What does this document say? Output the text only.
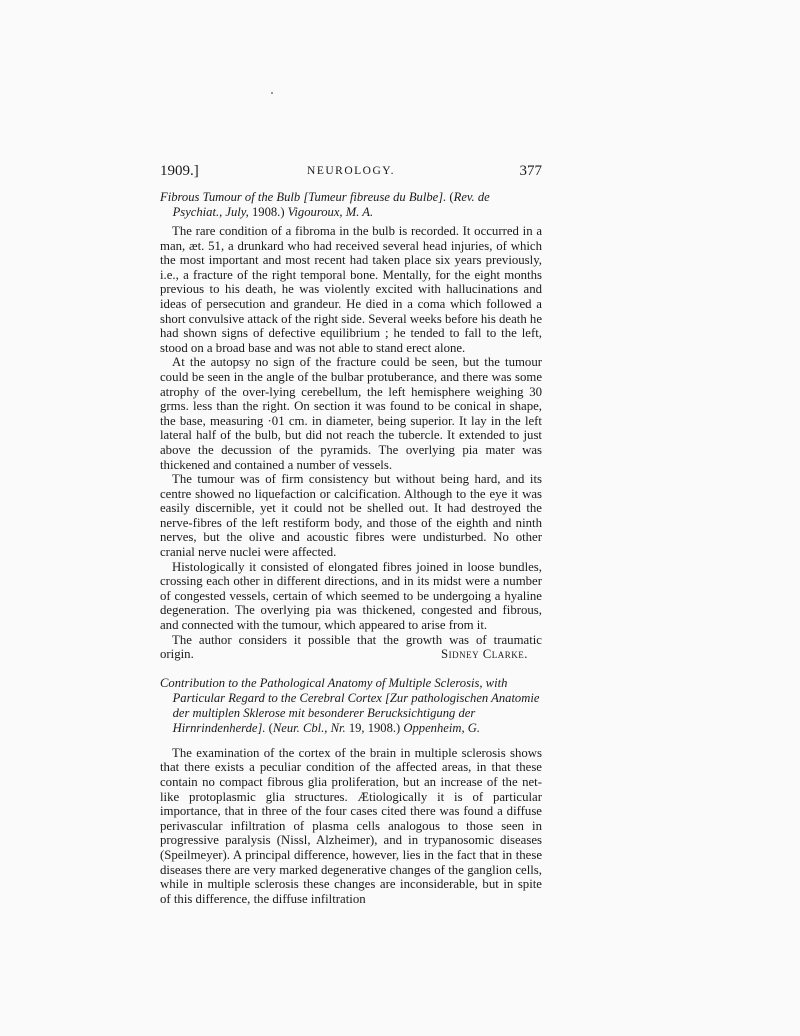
1909.]	NEUROLOGY.	377
Fibrous Tumour of the Bulb [Tumeur fibreuse du Bulbe]. (Rev. de Psychiat., July, 1908.) Vigouroux, M. A.

The rare condition of a fibroma in the bulb is recorded. It occurred in a man, æt. 51, a drunkard who had received several head injuries, of which the most important and most recent had taken place six years previously, i.e., a fracture of the right temporal bone. Mentally, for the eight months previous to his death, he was violently excited with hallucinations and ideas of persecution and grandeur. He died in a coma which followed a short convulsive attack of the right side. Several weeks before his death he had shown signs of defective equilibrium ; he tended to fall to the left, stood on a broad base and was not able to stand erect alone.

At the autopsy no sign of the fracture could be seen, but the tumour could be seen in the angle of the bulbar protuberance, and there was some atrophy of the over-lying cerebellum, the left hemisphere weighing 30 grms. less than the right. On section it was found to be conical in shape, the base, measuring ·01 cm. in diameter, being superior. It lay in the left lateral half of the bulb, but did not reach the tubercle. It extended to just above the decussion of the pyramids. The overlying pia mater was thickened and contained a number of vessels.

The tumour was of firm consistency but without being hard, and its centre showed no liquefaction or calcification. Although to the eye it was easily discernible, yet it could not be shelled out. It had destroyed the nerve-fibres of the left restiform body, and those of the eighth and ninth nerves, but the olive and acoustic fibres were undisturbed. No other cranial nerve nuclei were affected.

Histologically it consisted of elongated fibres joined in loose bundles, crossing each other in different directions, and in its midst were a number of congested vessels, certain of which seemed to be undergoing a hyaline degeneration. The overlying pia was thickened, congested and fibrous, and connected with the tumour, which appeared to arise from it.

The author considers it possible that the growth was of traumatic

origin.	Sidney Clarke.
Contribution to the Pathological Anatomy of Multiple Sclerosis, with Particular Regard to the Cerebral Cortex [Zur pathologischen Anatomie der multiplen Sklerose mit besonderer Berucksichtigung der Hirnrindenherde]. (Neur. Cbl., Nr. 19, 1908.) Oppenheim, G.

The examination of the cortex of the brain in multiple sclerosis shows that there exists a peculiar condition of the affected areas, in that these contain no compact fibrous glia proliferation, but an increase of the net-like protoplasmic glia structures. Ætiologically it is of particular importance, that in three of the four cases cited there was found a diffuse perivascular infiltration of plasma cells analogous to those seen in progressive paralysis (Nissl, Alzheimer), and in trypanosomic diseases (Speilmeyer). A principal difference, however, lies in the fact that in these diseases there are very marked degenerative changes of the ganglion cells, while in multiple sclerosis these changes are inconsiderable, but in spite of this difference, the diffuse infiltration
